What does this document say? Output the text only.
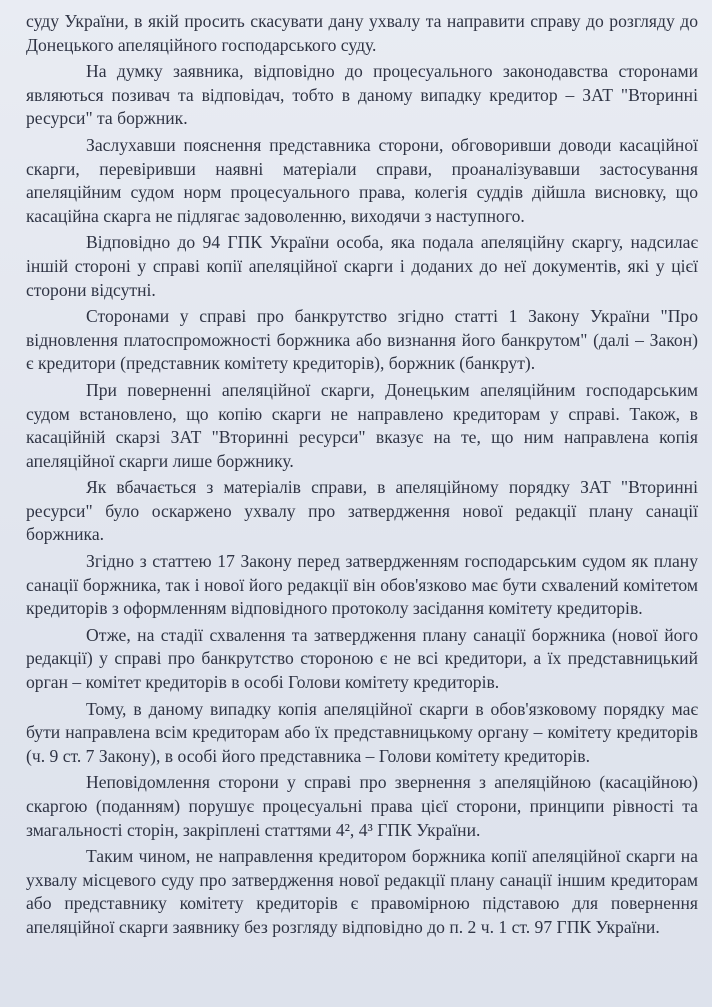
суду України, в якій просить скасувати дану ухвалу та направити справу до розгляду до Донецького апеляційного господарського суду.

На думку заявника, відповідно до процесуального законодавства сторонами являються позивач та відповідач, тобто в даному випадку кредитор – ЗАТ "Вторинні ресурси" та боржник.

Заслухавши пояснення представника сторони, обговоривши доводи касаційної скарги, перевіривши наявні матеріали справи, проаналізувавши застосування апеляційним судом норм процесуального права, колегія суддів дійшла висновку, що касаційна скарга не підлягає задоволенню, виходячи з наступного.

Відповідно до 94 ГПК України особа, яка подала апеляційну скаргу, надсилає іншій стороні у справі копії апеляційної скарги і доданих до неї документів, які у цієї сторони відсутні.

Сторонами у справі про банкрутство згідно статті 1 Закону України "Про відновлення платоспроможності боржника або визнання його банкрутом" (далі – Закон) є кредитори (представник комітету кредиторів), боржник (банкрут).

При поверненні апеляційної скарги, Донецьким апеляційним господарським судом встановлено, що копію скарги не направлено кредиторам у справі. Також, в касаційній скарзі ЗАТ "Вторинні ресурси" вказує на те, що ним направлена копія апеляційної скарги лише боржнику.

Як вбачається з матеріалів справи, в апеляційному порядку ЗАТ "Вторинні ресурси" було оскаржено ухвалу про затвердження нової редакції плану санації боржника.

Згідно з статтею 17 Закону перед затвердженням господарським судом як плану санації боржника, так і нової його редакції він обов'язково має бути схвалений комітетом кредиторів з оформленням відповідного протоколу засідання комітету кредиторів.

Отже, на стадії схвалення та затвердження плану санації боржника (нової його редакції) у справі про банкрутство стороною є не всі кредитори, а їх представницький орган – комітет кредиторів в особі Голови комітету кредиторів.

Тому, в даному випадку копія апеляційної скарги в обов'язковому порядку має бути направлена всім кредиторам або їх представницькому органу – комітету кредиторів (ч. 9 ст. 7 Закону), в особі його представника – Голови комітету кредиторів.

Неповідомлення сторони у справі про звернення з апеляційною (касаційною) скаргою (поданням) порушує процесуальні права цієї сторони, принципи рівності та змагальності сторін, закріплені статтями 4², 4³ ГПК України.

Таким чином, не направлення кредитором боржника копії апеляційної скарги на ухвалу місцевого суду про затвердження нової редакції плану санації іншим кредиторам або представнику комітету кредиторів є правомірною підставою для повернення апеляційної скарги заявнику без розгляду відповідно до п. 2 ч. 1 ст. 97 ГПК України.
